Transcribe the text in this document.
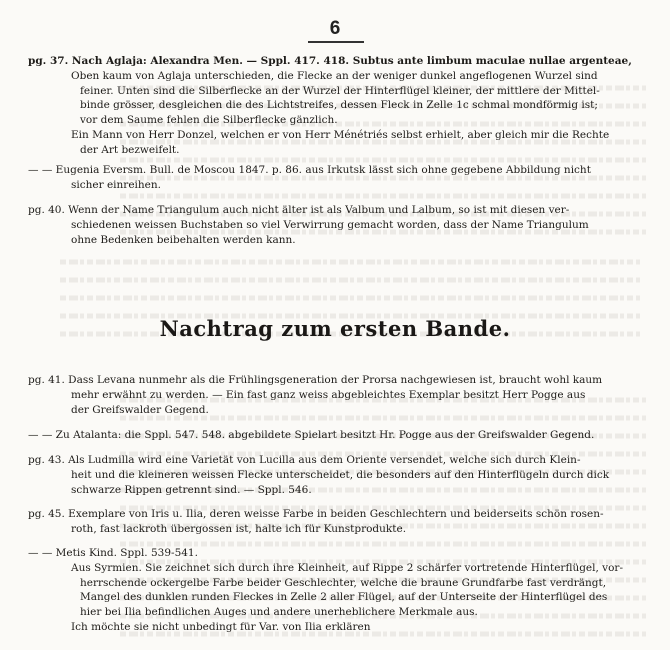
6
pg. 37. Nach Aglaja: Alexandra Men. — Sppl. 417. 418. Subtus ante limbum maculae nullae argenteae,
Oben kaum von Aglaja unterschieden, die Flecke an der weniger dunkel angeflogenen Wurzel sind
feiner. Unten sind die Silberflecke an der Wurzel der Hinterflügel kleiner, der mittlere der Mittel-
binde grösser, desgleichen die des Lichtstreifes, dessen Fleck in Zelle 1c schmal mondförmig ist;
vor dem Saume fehlen die Silberflecke gänzlich.
Ein Mann von Herr Donzel, welchen er von Herr Ménétriés selbst erhielt, aber gleich mir die Rechte
der Art bezweifelt.
— — Eugenia Eversm. Bull. de Moscou 1847. p. 86. aus Irkutsk lässt sich ohne gegebene Abbildung nicht
sicher einreihen.
pg. 40. Wenn der Name Triangulum auch nicht älter ist als Valbum und Lalbum, so ist mit diesen ver-
schiedenen weissen Buchstaben so viel Verwirrung gemacht worden, dass der Name Triangulum
ohne Bedenken beibehalten werden kann.
Nachtrag zum ersten Bande.
pg. 41. Dass Levana nunmehr als die Frühlingsgeneration der Prorsa nachgewiesen ist, braucht wohl kaum
mehr erwähnt zu werden. — Ein fast ganz weiss abgebleichtes Exemplar besitzt Herr Pogge aus
der Greifswalder Gegend.
— — Zu Atalanta: die Sppl. 547. 548. abgebildete Spielart besitzt Hr. Pogge aus der Greifswalder Gegend.
pg. 43. Als Ludmilla wird eine Varietät von Lucilla aus dem Oriente versendet, welche sich durch Klein-
heit und die kleineren weissen Flecke unterscheidet, die besonders auf den Hinterflügeln durch dick
schwarze Rippen getrennt sind. — Sppl. 546.
pg. 45. Exemplare von Iris u. Ilia, deren weisse Farbe in beiden Geschlechtern und beiderseits schön rosen-
roth, fast lackroth übergossen ist, halte ich für Kunstprodukte.
— — Metis Kind. Sppl. 539-541.
Aus Syrmien. Sie zeichnet sich durch ihre Kleinheit, auf Rippe 2 schärfer vortretende Hinterflügel, vor-
herrschende ockergelbe Farbe beider Geschlechter, welche die braune Grundfarbe fast verdrängt,
Mangel des dunklen runden Fleckes in Zelle 2 aller Flügel, auf der Unterseite der Hinterflügel des
hier bei Ilia befindlichen Auges und andere unerheblichere Merkmale aus.
Ich möchte sie nicht unbedingt für Var. von Ilia erklären
